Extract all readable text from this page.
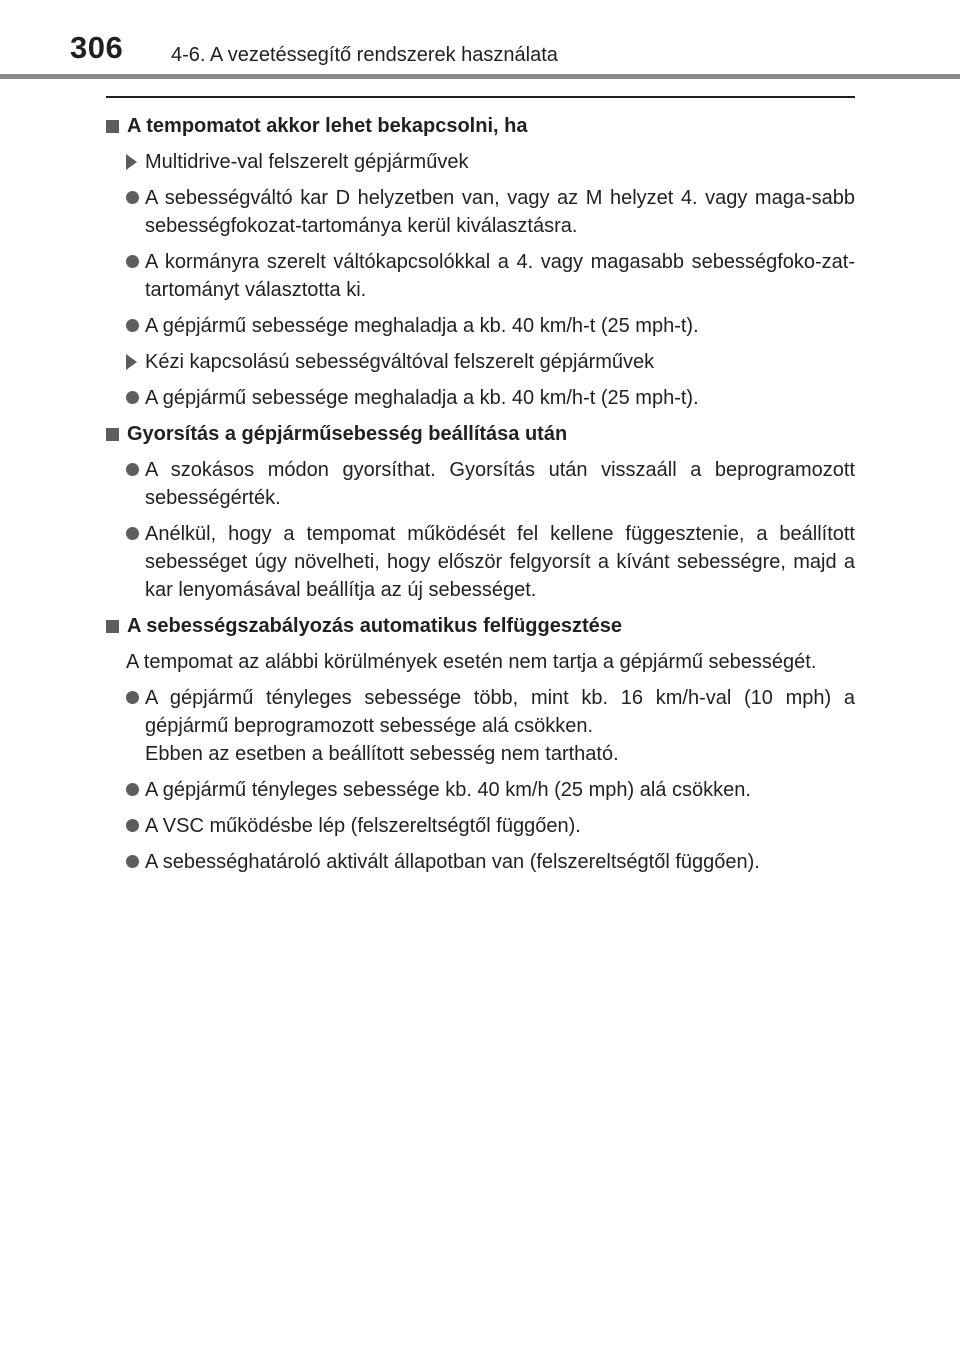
306 4-6. A vezetéssegítő rendszerek használata
A tempomatot akkor lehet bekapcsolni, ha
Multidrive-val felszerelt gépjárművek
A sebességváltó kar D helyzetben van, vagy az M helyzet 4. vagy maga-sabb sebességfokozat-tartománya kerül kiválasztásra.
A kormányra szerelt váltókapcsolókkal a 4. vagy magasabb sebességfoko-zat-tartományt választotta ki.
A gépjármű sebessége meghaladja a kb. 40 km/h-t (25 mph-t).
Kézi kapcsolású sebességváltóval felszerelt gépjárművek
A gépjármű sebessége meghaladja a kb. 40 km/h-t (25 mph-t).
Gyorsítás a gépjárműsebesség beállítása után
A szokásos módon gyorsíthat. Gyorsítás után visszaáll a beprogramozott sebességérték.
Anélkül, hogy a tempomat működését fel kellene függesztenie, a beállított sebességet úgy növelheti, hogy először felgyorsít a kívánt sebességre, majd a kar lenyomásával beállítja az új sebességet.
A sebességszabályozás automatikus felfüggesztése
A tempomat az alábbi körülmények esetén nem tartja a gépjármű sebességét.
A gépjármű tényleges sebessége több, mint kb. 16 km/h-val (10 mph) a gépjármű beprogramozott sebessége alá csökken.
Ebben az esetben a beállított sebesség nem tartható.
A gépjármű tényleges sebessége kb. 40 km/h (25 mph) alá csökken.
A VSC működésbe lép (felszereltségtől függően).
A sebességhatároló aktivált állapotban van (felszereltségtől függően).
